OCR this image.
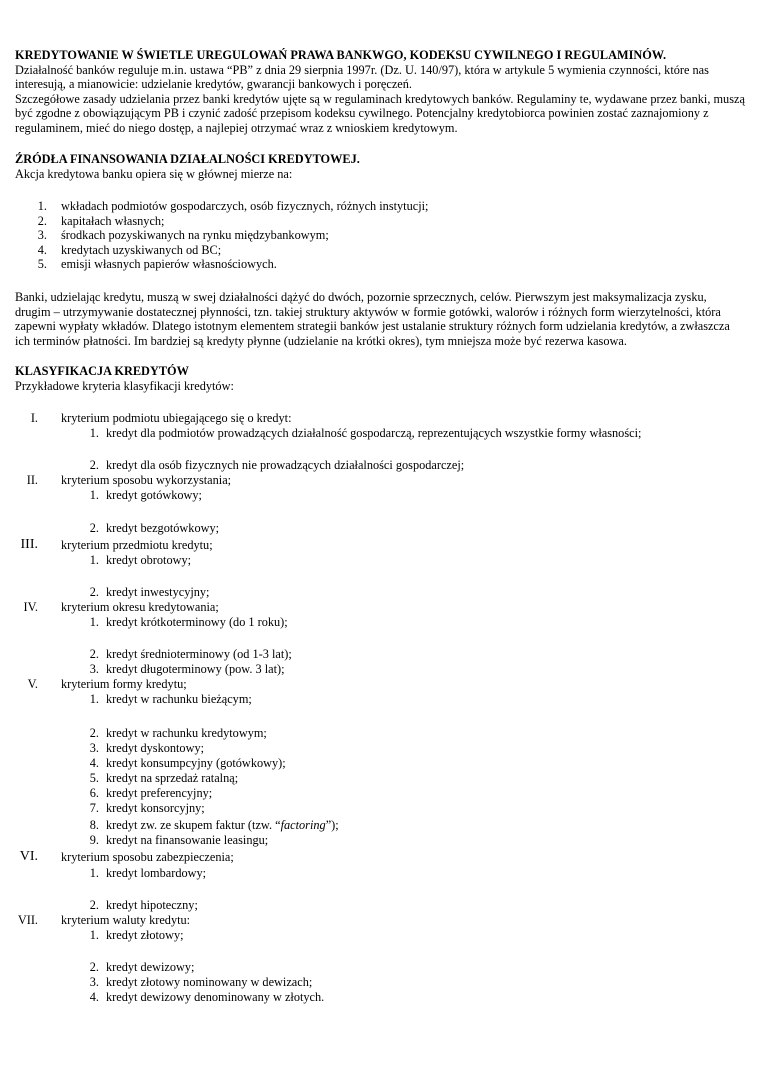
KREDYTOWANIE W ŚWIETLE UREGULOWAŃ PRAWA BANKWGO, KODEKSU CYWILNEGO I REGULAMINÓW.

Działalność banków reguluje m.in. ustawa “PB” z dnia 29 sierpnia 1997r. (Dz. U. 140/97), która w artykule 5 wymienia czynności, które nas interesują, a mianowicie: udzielanie kredytów, gwarancji bankowych i poręczeń.

Szczegółowe zasady udzielania przez banki kredytów ujęte są w regulaminach kredytowych banków. Regulaminy te, wydawane przez banki, muszą być zgodne z obowiązującym PB i czynić zadość przepisom kodeksu cywilnego. Potencjalny kredytobiorca powinien zostać zaznajomiony z regulaminem, mieć do niego dostęp, a najlepiej otrzymać wraz z wnioskiem kredytowym.

ŹRÓDŁA FINANSOWANIA DZIAŁALNOŚCI KREDYTOWEJ.
Akcja kredytowa banku opiera się w głównej mierze na:
1. wkładach podmiotów gospodarczych, osób fizycznych, różnych instytucji;
2. kapitałach własnych;
3. środkach pozyskiwanych na rynku międzybankowym;
4. kredytach uzyskiwanych od BC;
5. emisji własnych papierów własnościowych.
Banki, udzielając kredytu, muszą w swej działalności dążyć do dwóch, pozornie sprzecznych, celów. Pierwszym jest maksymalizacja zysku, drugim – utrzymywanie dostatecznej płynności, tzn. takiej struktury aktywów w formie gotówki, walorów i różnych form wierzytelności, która zapewni wypłaty wkładów. Dlatego istotnym elementem strategii banków jest ustalanie struktury różnych form udzielania kredytów, a zwłaszcza ich terminów płatności. Im bardziej są kredyty płynne (udzielanie na krótki okres), tym mniejsza może być rezerwa kasowa.
KLASYFIKACJA KREDYTÓW
Przykładowe kryteria klasyfikacji kredytów:
I. kryterium podmiotu ubiegającego się o kredyt:
1. kredyt dla podmiotów prowadzących działalność gospodarczą, reprezentujących wszystkie formy własności;
2. kredyt dla osób fizycznych nie prowadzących działalności gospodarczej;
II. kryterium sposobu wykorzystania;
1. kredyt gotówkowy;
2. kredyt bezgotówkowy;
III. kryterium przedmiotu kredytu;
1. kredyt obrotowy;
2. kredyt inwestycyjny;
IV. kryterium okresu kredytowania;
1. kredyt krótkoterminowy (do 1 roku);
2. kredyt średnioterminowy (od 1-3 lat);
3. kredyt długoterminowy (pow. 3 lat);
V. kryterium formy kredytu;
1. kredyt w rachunku bieżącym;
2. kredyt w rachunku kredytowym;
3. kredyt dyskontowy;
4. kredyt konsumpcyjny (gotówkowy);
5. kredyt na sprzedaż ratalną;
6. kredyt preferencyjny;
7. kredyt konsorcyjny;
8. kredyt zw. ze skupem faktur (tzw. “factoring”);
9. kredyt na finansowanie leasingu;
VI. kryterium sposobu zabezpieczenia;
1. kredyt lombardowy;
2. kredyt hipoteczny;
VII. kryterium waluty kredytu:
1. kredyt złotowy;
2. kredyt dewizowy;
3. kredyt złotowy nominowany w dewizach;
4. kredyt dewizowy denominowany w złotych.
